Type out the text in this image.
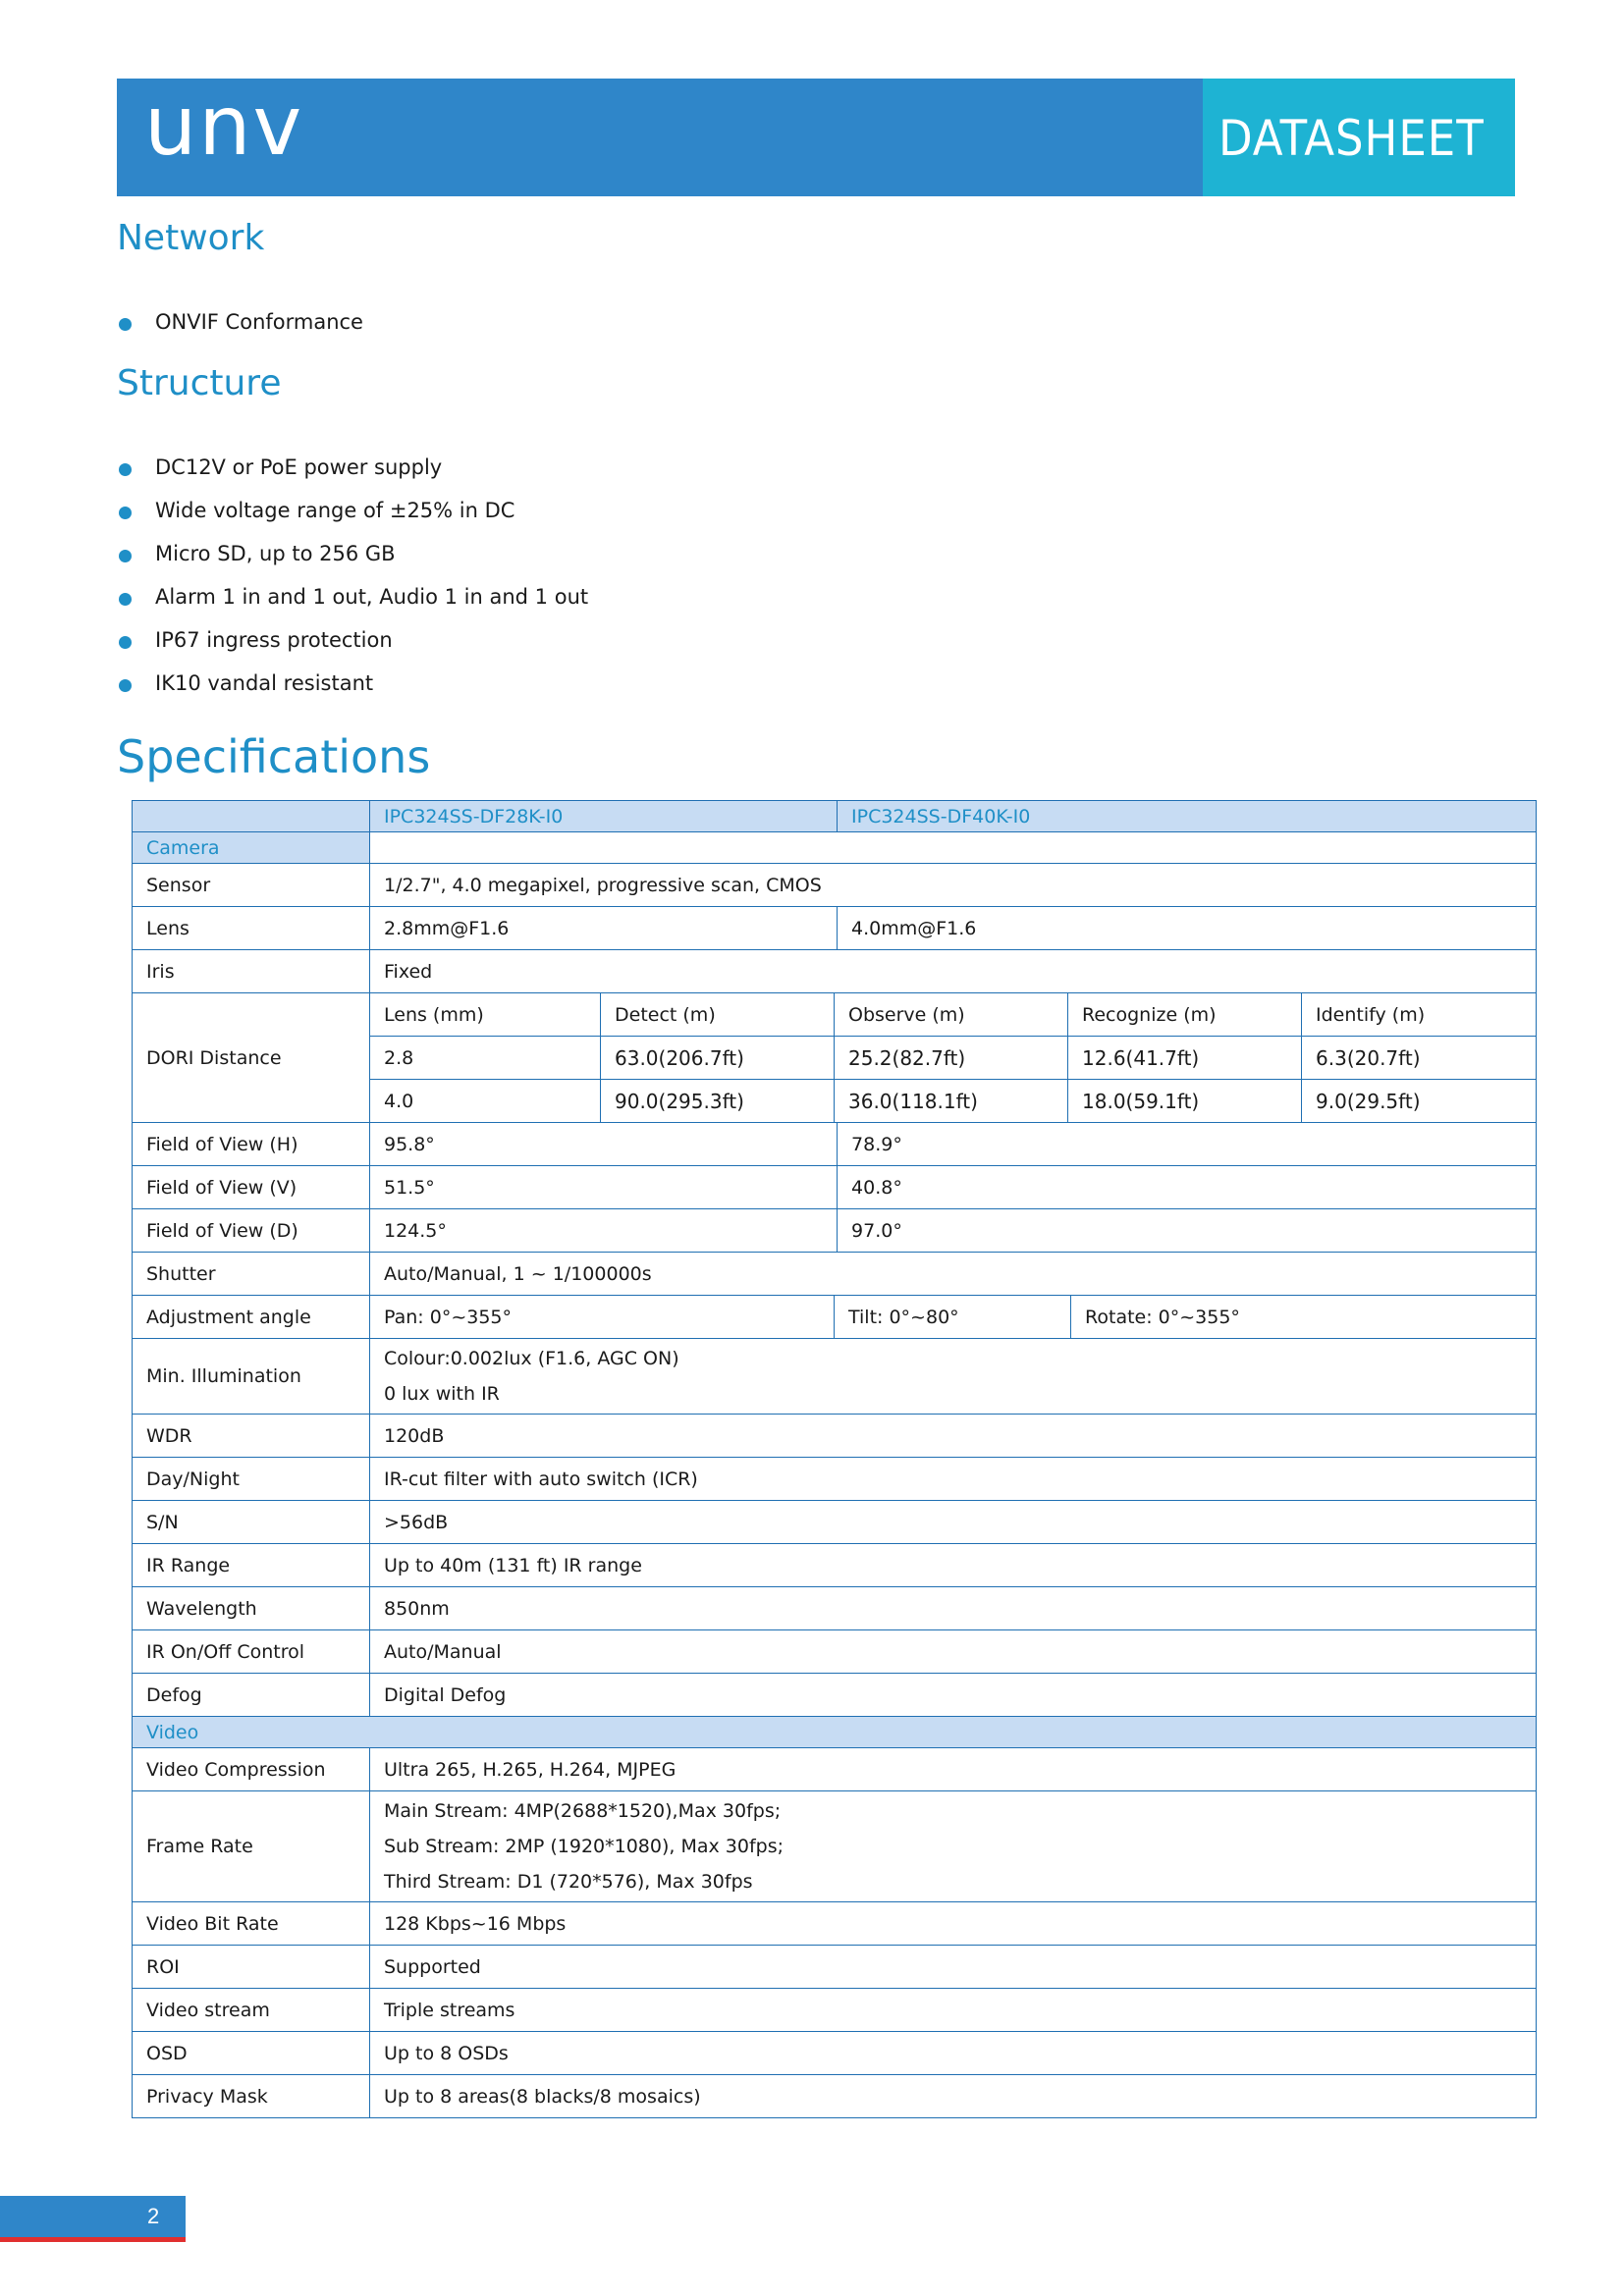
unv	DATASHEET
Network
ONVIF Conformance
Structure
DC12V or PoE power supply
Wide voltage range of ±25% in DC
Micro SD, up to 256 GB
Alarm 1 in and 1 out, Audio 1 in and 1 out
IP67 ingress protection
IK10 vandal resistant
Specifications
	IPC324SS-DF28K-I0			IPC324SS-DF40K-I0			
Camera							
Sensor	1/2.7", 4.0 megapixel, progressive scan, CMOS						
Lens	2.8mm@F1.6			4.0mm@F1.6			
Iris	Fixed						
DORI Distance	Lens (mm)	Detect (m)	Observe (m)		Recognize (m)		Identify (m)
	2.8	63.0(206.7ft)	25.2(82.7ft)		12.6(41.7ft)		6.3(20.7ft)
	4.0	90.0(295.3ft)	36.0(118.1ft)		18.0(59.1ft)		9.0(29.5ft)
Field of View (H)	95.8°			78.9°			
Field of View (V)	51.5°			40.8°			
Field of View (D)	124.5°			97.0°			
Shutter	Auto/Manual, 1 ~ 1/100000s						
Adjustment angle	Pan: 0°~355°		Tilt: 0°~80°			Rotate: 0°~355°	
Min. Illumination	Colour:0.002lux (F1.6, AGC ON)
0 lux with IR						

WDR	120dB						
Day/Night	IR-cut filter with auto switch (ICR)						
S/N	>56dB						
IR Range	Up to 40m (131 ft) IR range						
Wavelength	850nm						
IR On/Off Control	Auto/Manual						
Defog	Digital Defog						
Video							
Video Compression	Ultra 265, H.265, H.264, MJPEG						
Frame Rate	Main Stream: 4MP(2688*1520),Max 30fps;
Sub Stream: 2MP (1920*1080), Max 30fps;
Third Stream: D1 (720*576), Max 30fps						

Video Bit Rate	128 Kbps~16 Mbps						
ROI	Supported						
Video stream	Triple streams						
OSD	Up to 8 OSDs						
Privacy Mask	Up to 8 areas(8 blacks/8 mosaics)						
2
